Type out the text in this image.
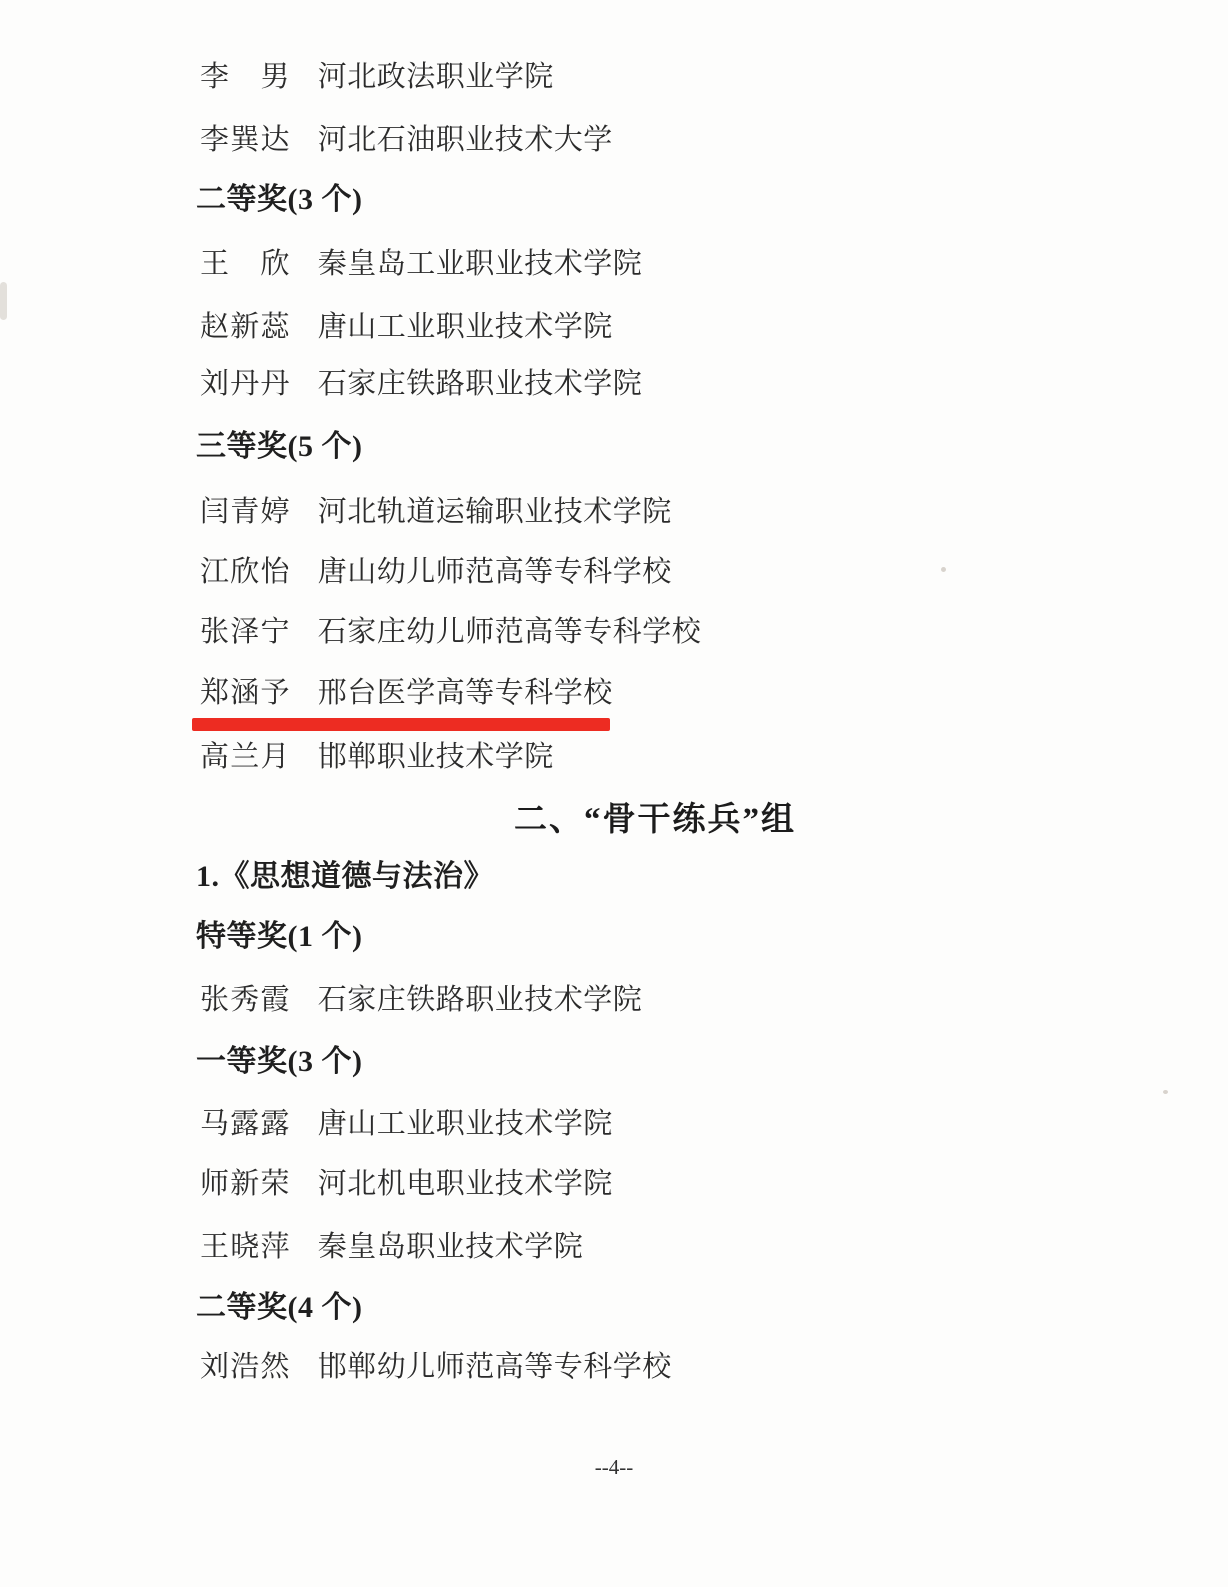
李　男 河北政法职业学院
李巽达 河北石油职业技术大学
二等奖(3 个)
王　欣 秦皇岛工业职业技术学院
赵新蕊 唐山工业职业技术学院
刘丹丹 石家庄铁路职业技术学院
三等奖(5 个)
闫青婷 河北轨道运输职业技术学院
江欣怡 唐山幼儿师范高等专科学校
张泽宁 石家庄幼儿师范高等专科学校
郑涵予 邢台医学高等专科学校
高兰月 邯郸职业技术学院
二、“骨干练兵”组
1.《思想道德与法治》
特等奖(1 个)
张秀霞 石家庄铁路职业技术学院
一等奖(3 个)
马露露 唐山工业职业技术学院
师新荣 河北机电职业技术学院
王晓萍 秦皇岛职业技术学院
二等奖(4 个)
刘浩然 邯郸幼儿师范高等专科学校
--4--
